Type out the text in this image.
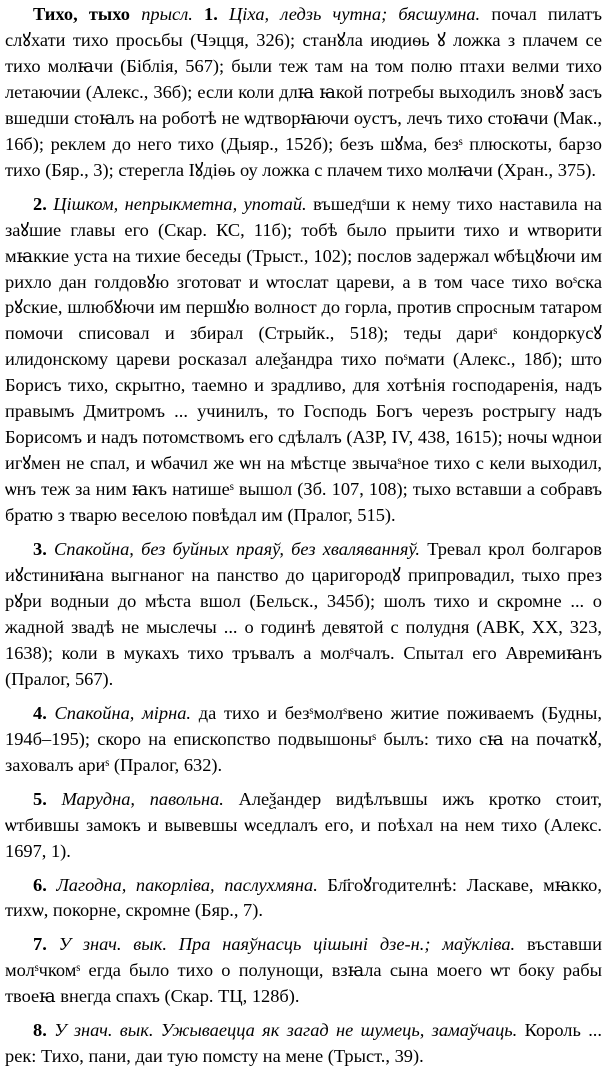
Тихо, тыхо прысл. 1. Ціха, ледзь чутна; бясшумна. почал пилатъ слꙋхати тихо просьбы (Чэцця, 326); станꙋла июдиѳь ꙋ ложка з плачем се тихо молꙗчи (Біблія, 567); были теж там на том полю птахи велми тихо летаючии (Алекс., 36б); если коли длꙗ ꙗкой потребы выходилъ зновꙋ засъ вшедши стоꙗлъ на роботѣ не ѡдтворꙗючи оустъ, лечъ тихо стоꙗчи (Мак., 16б); реклем до него тихо (Дыяр., 152б); безъ шꙋма, безˢ плюскоты, барзо тихо (Бяр., 3); стерегла Іꙋдіѳь оу ложка с плачем тихо молꙗчи (Хран., 375).

2. Цішком, непрыкметна, употай. въшедˢши к нему тихо наставила на заꙋшие главы его (Скар. КС, 11б); тобѣ было прыити тихо и ѡтворити мꙗккие уста на тихие беседы (Трыст., 102); послов задержал ѡбѣцꙋючи им рихло дан голдовꙋю зготоват и ѡтослат цареви, а в том часе тихо воˢска рꙋские, шлюбꙋючи им першꙋю волност до горла, против спросным татаром помочи списовал и збирал (Стрыйк., 518); теды дариˢ кондоркусꙋ илидонскому цареви росказал алеѯандра тихо поˢмати (Алекс., 18б); што Борисъ тихо, скрытно, таемно и зрадливо, для хотѣнія господаренія, надъ правымъ Дмитромъ ... учинилъ, то Господь Богъ черезъ рострыгу надъ Борисомъ и надъ потомствомъ его сдѣлалъ (АЗР, IV, 438, 1615); ночы ѡднои игꙋмен не спал, и ѡбачил же ѡн на мѣстце звычаˢное тихо с кели выходил, ѡнъ теж за ним ꙗкъ натишеˢ вышол (Зб. 107, 108); тыхо вставши а собравъ братю з тварю веселою повѣдал им (Пралог, 515).

3. Спакойна, без буйных праяў, без хваляванняў. Тревал крол болгаров иꙋстиниꙗна выгнаног на панство до царигородꙋ припровадил, тыхо през рꙋри водныи до мѣста вшол (Бельск., 345б); шолъ тихо и скромне ... о жадной звадѣ не мыслечы ... о годинѣ девятой с полудня (АВК, XX, 323, 1638); коли в мукахъ тихо тръвалъ а молˢчалъ. Спытал его Авремиꙗнъ (Пралог, 567).

4. Спакойна, мірна. да тихо и безˢмолˢвено житие поживаемъ (Будны, 194б–195); скоро на епископство подвышоныˢ былъ: тихо сꙗ на початкꙋ, заховалъ ариˢ (Пралог, 632).

5. Марудна, павольна. Алеѯандер видѣлъвшы ижъ кротко стоит, ѡтбившы замокъ и вывевшы ѡседлалъ его, и поѣхал на нем тихо (Алекс. 1697, 1).

6. Лагодна, пакорліва, паслухмяна. Бл҃гоꙋгодителнѣ: Ласкаве, мꙗкко, тихѡ, покорне, скромне (Бяр., 7).

7. У знач. вык. Пра наяўнасць цішыні дзе-н.; маўкліва. въставши молˢчкомˢ егда было тихо о полунощи, взꙗла сына моего ѡт боку рабы твоеꙗ внегда спахъ (Скар. ТЦ, 128б).

8. У знач. вык. Ужываецца як загад не шумець, замаўчаць. Король ... рек: Тихо, пани, даи тую помсту на мене (Трыст., 39).
